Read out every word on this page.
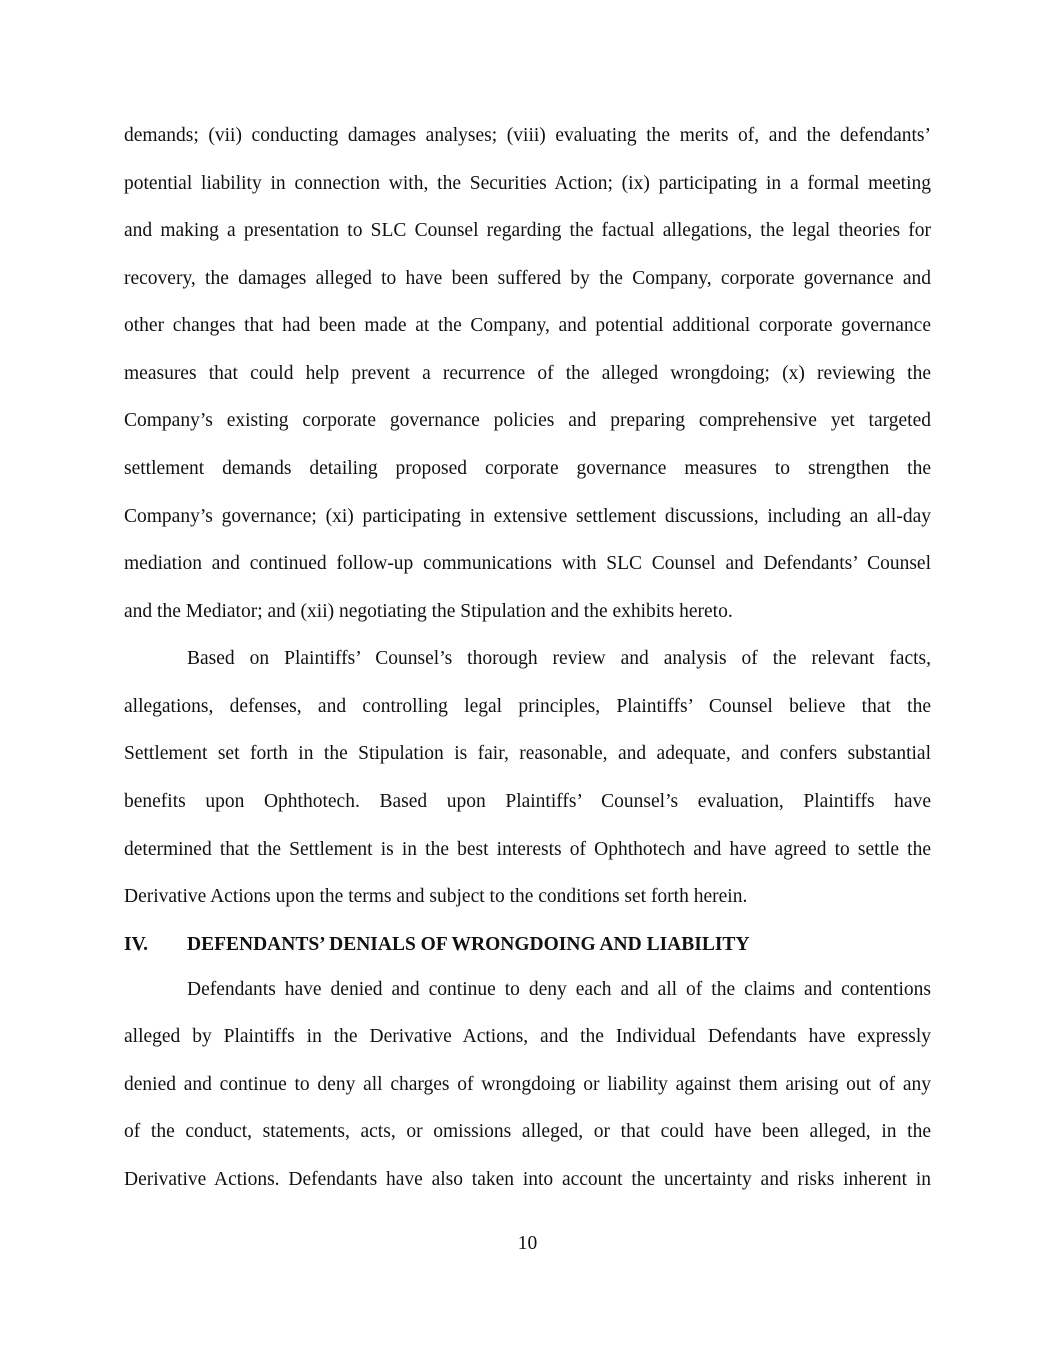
demands; (vii) conducting damages analyses; (viii) evaluating the merits of, and the defendants’
potential liability in connection with, the Securities Action; (ix) participating in a formal meeting
and making a presentation to SLC Counsel regarding the factual allegations, the legal theories for
recovery, the damages alleged to have been suffered by the Company, corporate governance and
other changes that had been made at the Company, and potential additional corporate governance
measures that could help prevent a recurrence of the alleged wrongdoing; (x) reviewing the
Company’s existing corporate governance policies and preparing comprehensive yet targeted
settlement demands detailing proposed corporate governance measures to strengthen the
Company’s governance; (xi) participating in extensive settlement discussions, including an all-day
mediation and continued follow-up communications with SLC Counsel and Defendants’ Counsel
and the Mediator; and (xii) negotiating the Stipulation and the exhibits hereto.
Based on Plaintiffs’ Counsel’s thorough review and analysis of the relevant facts,
allegations, defenses, and controlling legal principles, Plaintiffs’ Counsel believe that the
Settlement set forth in the Stipulation is fair, reasonable, and adequate, and confers substantial
benefits upon Ophthotech. Based upon Plaintiffs’ Counsel’s evaluation, Plaintiffs have
determined that the Settlement is in the best interests of Ophthotech and have agreed to settle the
Derivative Actions upon the terms and subject to the conditions set forth herein.
IV. DEFENDANTS’ DENIALS OF WRONGDOING AND LIABILITY
Defendants have denied and continue to deny each and all of the claims and contentions
alleged by Plaintiffs in the Derivative Actions, and the Individual Defendants have expressly
denied and continue to deny all charges of wrongdoing or liability against them arising out of any
of the conduct, statements, acts, or omissions alleged, or that could have been alleged, in the
Derivative Actions. Defendants have also taken into account the uncertainty and risks inherent in
10
